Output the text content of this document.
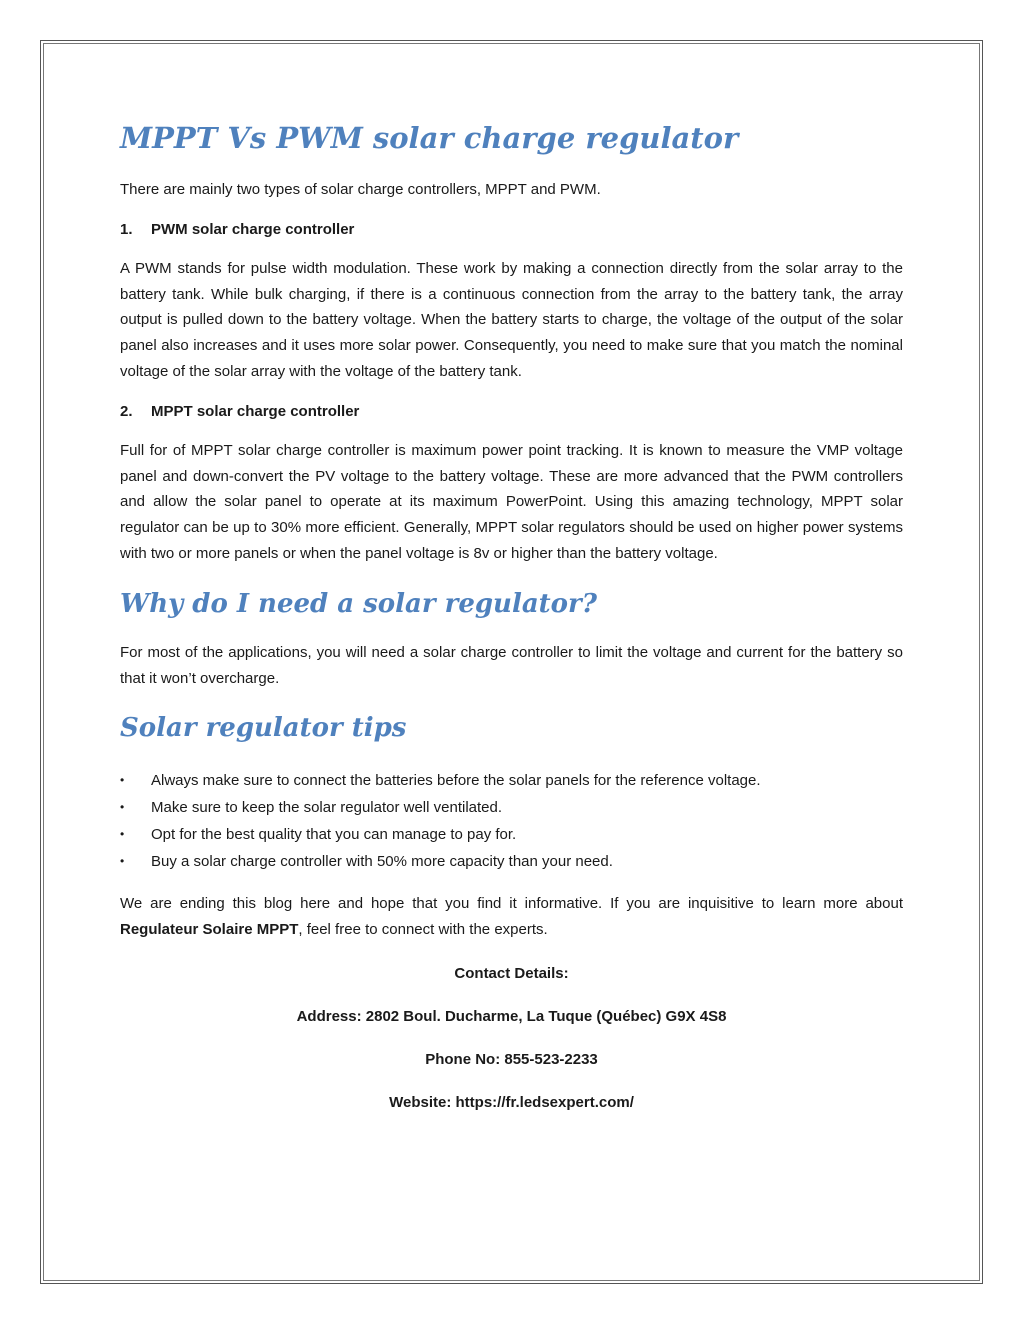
MPPT Vs PWM solar charge regulator

There are mainly two types of solar charge controllers, MPPT and PWM.

1.	PWM solar charge controller

A PWM stands for pulse width modulation. These work by making a connection directly from the solar array to the battery tank. While bulk charging, if there is a continuous connection from the array to the battery tank, the array output is pulled down to the battery voltage. When the battery starts to charge, the voltage of the output of the solar panel also increases and it uses more solar power. Consequently, you need to make sure that you match the nominal voltage of the solar array with the voltage of the battery tank.

2.	MPPT solar charge controller

Full for of MPPT solar charge controller is maximum power point tracking. It is known to measure the VMP voltage panel and down-convert the PV voltage to the battery voltage. These are more advanced that the PWM controllers and allow the solar panel to operate at its maximum PowerPoint. Using this amazing technology, MPPT solar regulator can be up to 30% more efficient. Generally, MPPT solar regulators should be used on higher power systems with two or more panels or when the panel voltage is 8v or higher than the battery voltage.

Why do I need a solar regulator?

For most of the applications, you will need a solar charge controller to limit the voltage and current for the battery so that it won’t overcharge.

Solar regulator tips
•	Always make sure to connect the batteries before the solar panels for the reference voltage.
•	Make sure to keep the solar regulator well ventilated.
•	Opt for the best quality that you can manage to pay for.
•	Buy a solar charge controller with 50% more capacity than your need.

We are ending this blog here and hope that you find it informative. If you are inquisitive to learn more about Regulateur Solaire MPPT, feel free to connect with the experts.

Contact Details:

Address: 2802 Boul. Ducharme, La Tuque (Québec) G9X 4S8

Phone No: 855-523-2233

Website: https://fr.ledsexpert.com/
